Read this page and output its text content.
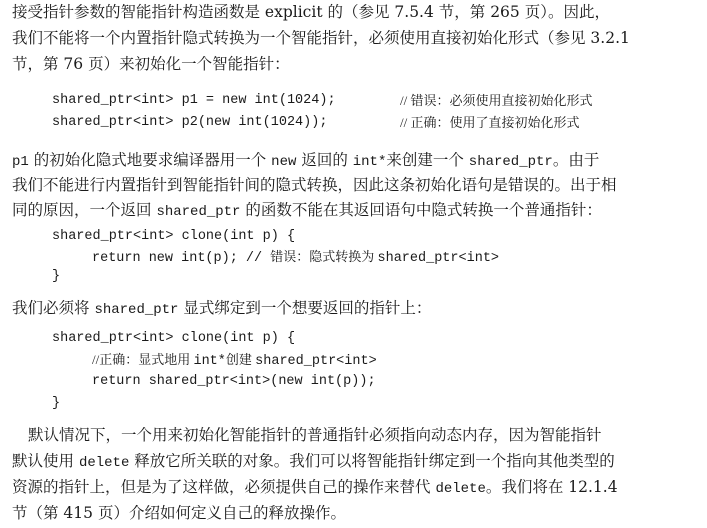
接受指针参数的智能指针构造函数是 explicit 的（参见 7.5.4 节，第 265 页）。因此，
我们不能将一个内置指针隐式转换为一个智能指针，必须使用直接初始化形式（参见 3.2.1
节，第 76 页）来初始化一个智能指针：
shared_ptr<int> p1 = new int(1024);	// 错误：必须使用直接初始化形式
shared_ptr<int> p2(new int(1024));	// 正确：使用了直接初始化形式
p1 的初始化隐式地要求编译器用一个 new 返回的 int*来创建一个 shared_ptr。由于
我们不能进行内置指针到智能指针间的隐式转换，因此这条初始化语句是错误的。出于相
同的原因，一个返回 shared_ptr 的函数不能在其返回语句中隐式转换一个普通指针：
shared_ptr<int> clone(int p) {
return new int(p); // 错误：隐式转换为 shared_ptr<int>
}
我们必须将 shared_ptr 显式绑定到一个想要返回的指针上：
shared_ptr<int> clone(int p) {
//正确：显式地用 int*创建 shared_ptr<int>
return shared_ptr<int>(new int(p));
}
默认情况下，一个用来初始化智能指针的普通指针必须指向动态内存，因为智能指针
默认使用 delete 释放它所关联的对象。我们可以将智能指针绑定到一个指向其他类型的
资源的指针上，但是为了这样做，必须提供自己的操作来替代 delete。我们将在 12.1.4
节（第 415 页）介绍如何定义自己的释放操作。
